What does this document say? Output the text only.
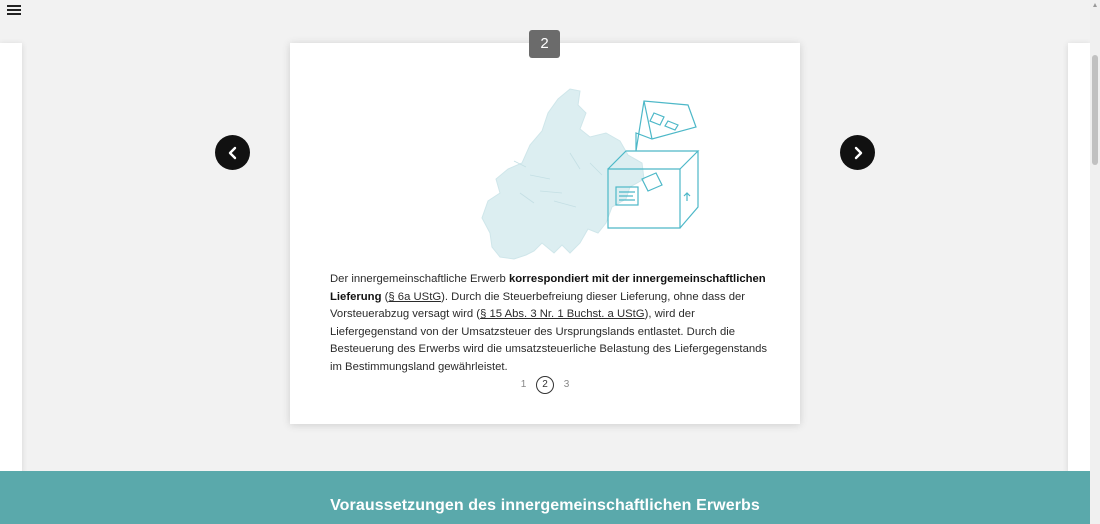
Der innergemeinschaftliche Erwerb korrespondiert mit der innergemeinschaftlichen Lieferung (§ 6a UStG). Durch die Steuerbefreiung dieser Lieferung, ohne dass der Vorsteuerabzug versagt wird (§ 15 Abs. 3 Nr. 1 Buchst. a UStG), wird der Liefergegenstand von der Umsatzsteuer des Ursprungslands entlastet. Durch die Besteuerung des Erwerbs wird die umsatzsteuerliche Belastung des Liefergegenstands im Bestimmungsland gewährleistet.
1 2 3
2
Voraussetzungen des innergemeinschaftlichen Erwerbs
